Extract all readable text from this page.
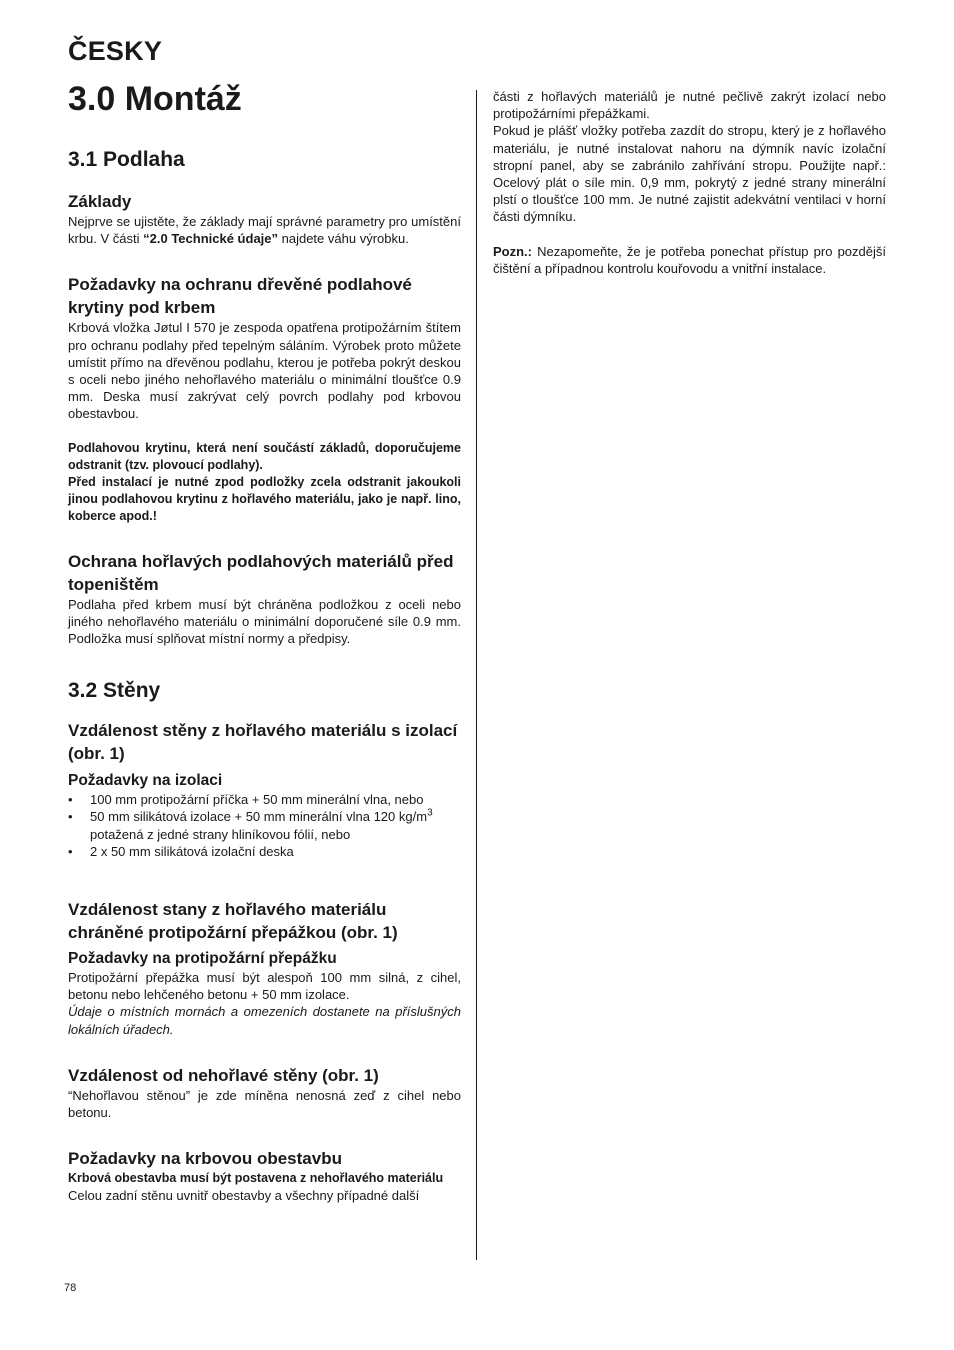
ČESKY
3.0 Montáž
3.1 Podlaha
Základy

Nejprve se ujistěte, že základy mají správné parametry pro umístění krbu. V části “2.0 Technické údaje” najdete váhu výrobku.

Požadavky na ochranu dřevěné podlahové krytiny pod krbem

Krbová vložka Jøtul I 570 je zespoda opatřena protipožárním štítem pro ochranu podlahy před tepelným sáláním. Výrobek proto můžete umístit přímo na dřevěnou podlahu, kterou je potřeba pokrýt deskou s oceli nebo jiného nehořlavého materiálu o minimální tloušťce 0.9 mm. Deska musí zakrývat celý povrch podlahy pod krbovou obestavbou.

Podlahovou krytinu, která není součástí základů, doporučujeme odstranit (tzv. plovoucí podlahy).

Před instalací je nutné zpod podložky zcela odstranit jakoukoli jinou podlahovou krytinu z hořlavého materiálu, jako je např. lino, koberce apod.!

Ochrana hořlavých podlahových materiálů před topeništěm

Podlaha před krbem musí být chráněna podložkou z oceli nebo jiného nehořlavého materiálu o minimální doporučené síle 0.9 mm. Podložka musí splňovat místní normy a předpisy.

3.2 Stěny
Vzdálenost stěny z hořlavého materiálu s izolací (obr. 1)
Požadavky na izolaci
• 100 mm protipožární příčka + 50 mm minerální vlna, nebo
• 50 mm silikátová izolace + 50 mm minerální vlna 120 $kg/m^3$
potažená z jedné strany hliníkovou fólií, nebo
• 2 x 50 mm silikátová izolační deska
Vzdálenost stany z hořlavého materiálu chráněné protipožární přepážkou (obr. 1)
Požadavky na protipožární přepážku

Protipožární přepážka musí být alespoň 100 mm silná, z cihel, betonu nebo lehčeného betonu + 50 mm izolace.

Údaje o místních mornách a omezeních dostanete na příslušných lokálních úřadech.

Vzdálenost od nehořlavé stěny (obr. 1)

“Nehořlavou stěnou” je zde míněna nenosná zeď z cihel nebo betonu.

Požadavky na krbovou obestavbu

Krbová obestavba musí být postavena z nehořlavého materiálu

Celou zadní stěnu uvnitř obestavby a všechny případné další

části z hořlavých materiálů je nutné pečlivě zakrýt izolací nebo protipožárními přepážkami.

Pokud je plášť vložky potřeba zazdít do stropu, který je z hořlavého materiálu, je nutné instalovat nahoru na dýmník navíc izolační stropní panel, aby se zabránilo zahřívání stropu. Použijte např.: Ocelový plát o síle min. 0,9 mm, pokrytý z jedné strany minerální plstí o tloušťce 100 mm. Je nutné zajistit adekvátní ventilaci v horní části dýmníku.

Pozn.: Nezapomeňte, že je potřeba ponechat přístup pro pozdější čištění a případnou kontrolu kouřovodu a vnitřní instalace.

78
